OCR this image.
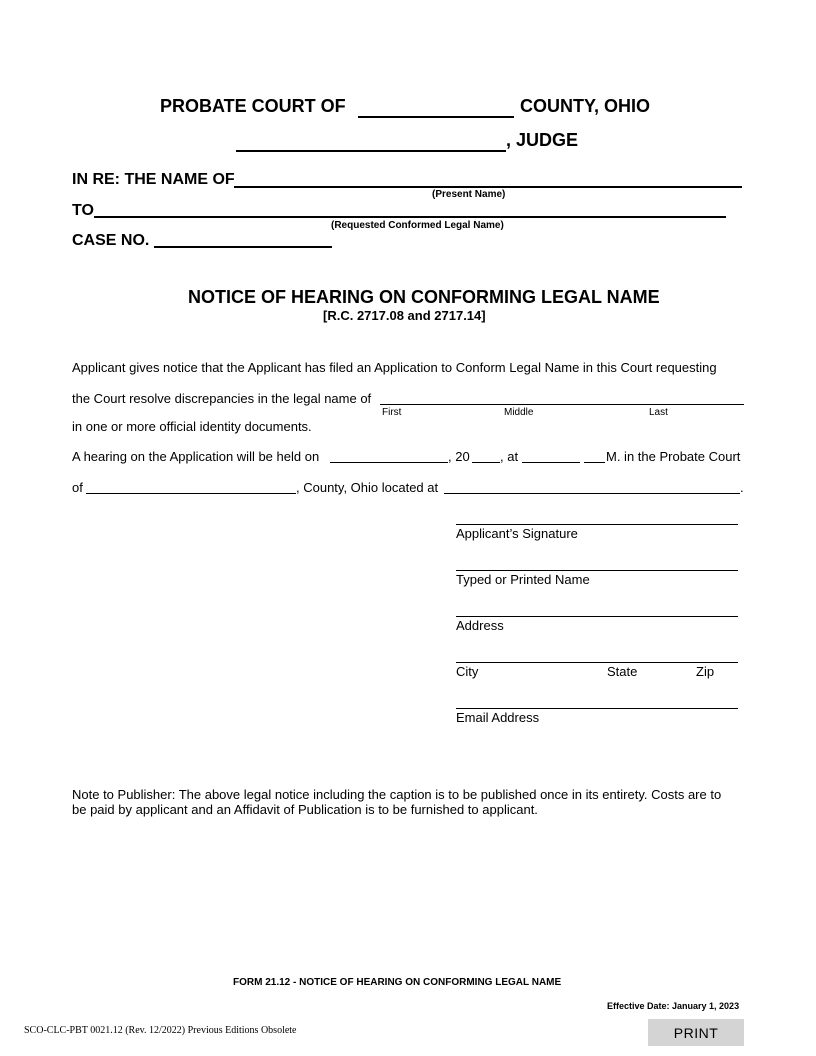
PROBATE COURT OF	COUNTY, OHIO
, JUDGE
IN RE: THE NAME OF
(Present Name)
TO
(Requested Conformed Legal Name)
CASE NO.
NOTICE OF HEARING ON CONFORMING LEGAL NAME
[R.C. 2717.08 and 2717.14]
Applicant gives notice that the Applicant has filed an Application to Conform Legal Name in this Court requesting
the Court resolve discrepancies in the legal name of
First	Middle	Last
in one or more official identity documents.
A hearing on the Application will be held on	, 20 , at	M. in the Probate Court
of	, County, Ohio located at	.
Applicant’s Signature
Typed or Printed Name
Address
City	State	Zip
Email Address
Note to Publisher: The above legal notice including the caption is to be published once in its entirety. Costs are to
be paid by applicant and an Affidavit of Publication is to be furnished to applicant.
FORM 21.12 - NOTICE OF HEARING ON CONFORMING LEGAL NAME
Effective Date: January 1, 2023
SCO-CLC-PBT 0021.12 (Rev. 12/2022) Previous Editions Obsolete	PRINT
